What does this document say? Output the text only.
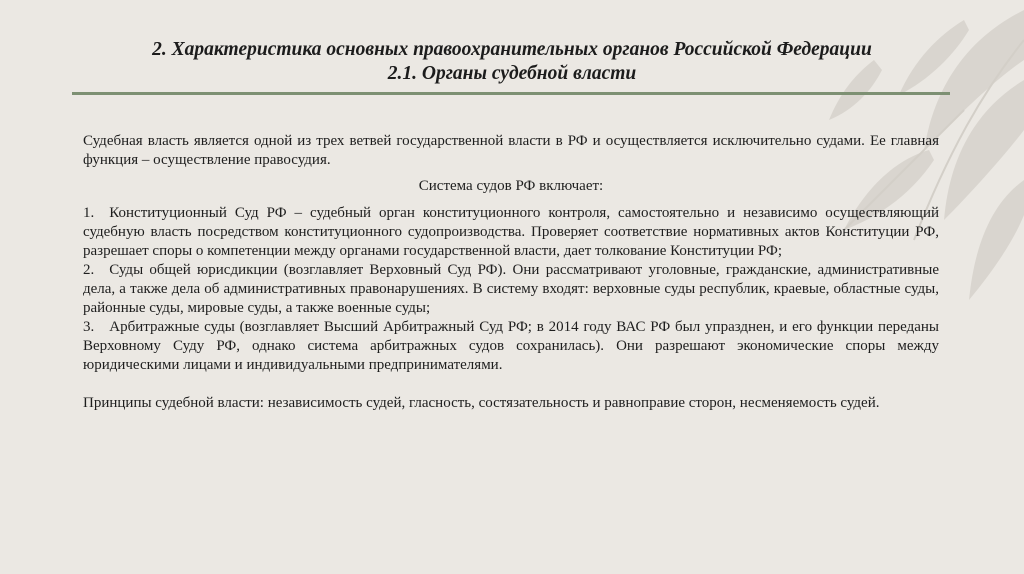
2. Характеристика основных правоохранительных органов Российской Федерации
2.1. Органы судебной власти

Судебная власть является одной из трех ветвей государственной власти в РФ и осуществляется исключительно судами. Ее главная функция – осуществление правосудия.

Система судов РФ включает:

1. Конституционный Суд РФ – судебный орган конституционного контроля, самостоятельно и независимо осуществляющий судебную власть посредством конституционного судопроизводства. Проверяет соответствие нормативных актов Конституции РФ, разрешает споры о компетенции между органами государственной власти, дает толкование Конституции РФ;

2. Суды общей юрисдикции (возглавляет Верховный Суд РФ). Они рассматривают уголовные, гражданские, административные дела, а также дела об административных правонарушениях. В систему входят: верховные суды республик, краевые, областные суды, районные суды, мировые суды, а также военные суды;

3. Арбитражные суды (возглавляет Высший Арбитражный Суд РФ; в 2014 году ВАС РФ был упразднен, и его функции переданы Верховному Суду РФ, однако система арбитражных судов сохранилась). Они разрешают экономические споры между юридическими лицами и индивидуальными предпринимателями.

Принципы судебной власти: независимость судей, гласность, состязательность и равноправие сторон, несменяемость судей.
